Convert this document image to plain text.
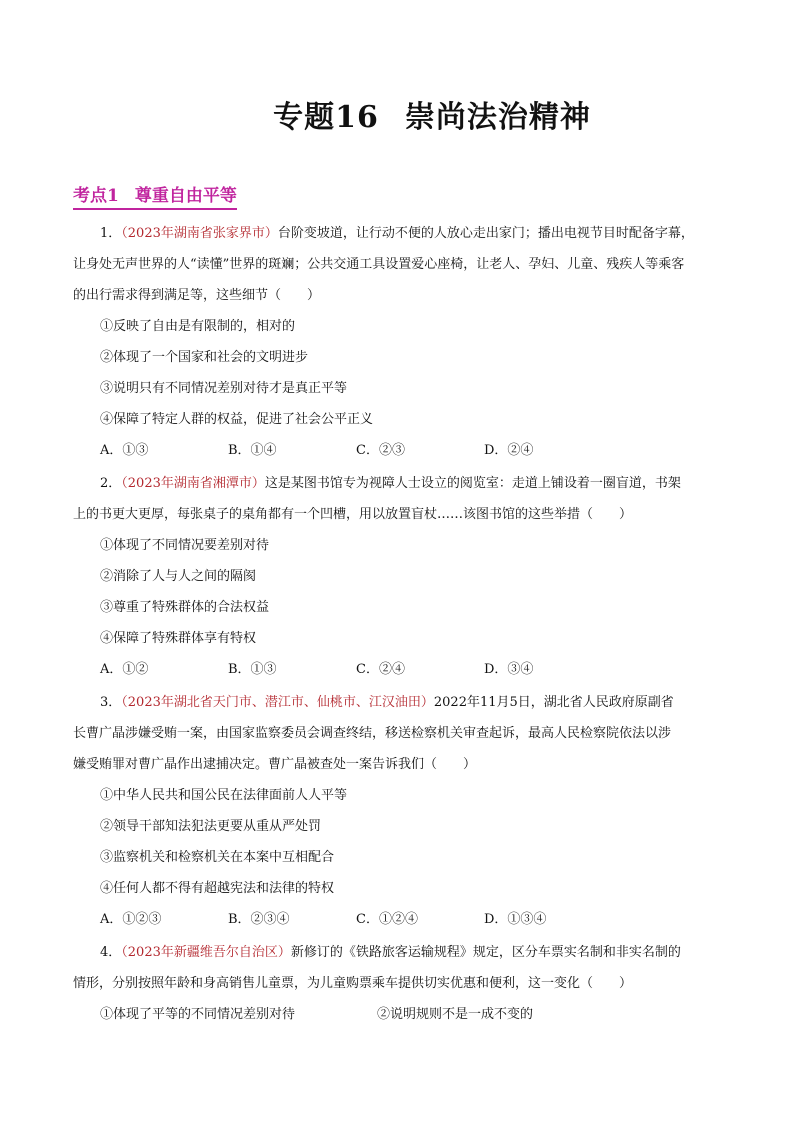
专题16 崇尚法治精神
考点1 尊重自由平等
1．（2023年湖南省张家界市）台阶变坡道，让行动不便的人放心走出家门；播出电视节目时配备字幕，
让身处无声世界的人“读懂”世界的斑斓；公共交通工具设置爱心座椅，让老人、孕妇、儿童、残疾人等乘客
的出行需求得到满足等，这些细节（　　）
①反映了自由是有限制的，相对的
②体现了一个国家和社会的文明进步
③说明只有不同情况差别对待才是真正平等
④保障了特定人群的权益，促进了社会公平正义
A．①③	B．①④	C．②③	D．②④
2．（2023年湖南省湘潭市）这是某图书馆专为视障人士设立的阅览室：走道上铺设着一圈盲道，书架
上的书更大更厚，每张桌子的桌角都有一个凹槽，用以放置盲杖……该图书馆的这些举措（　　）
①体现了不同情况要差别对待
②消除了人与人之间的隔阂
③尊重了特殊群体的合法权益
④保障了特殊群体享有特权
A．①②	B．①③	C．②④	D．③④
3．（2023年湖北省天门市、潜江市、仙桃市、江汉油田）2022年11月5日，湖北省人民政府原副省
长曹广晶涉嫌受贿一案，由国家监察委员会调查终结，移送检察机关审查起诉，最高人民检察院依法以涉
嫌受贿罪对曹广晶作出逮捕决定。曹广晶被查处一案告诉我们（　　）
①中华人民共和国公民在法律面前人人平等
②领导干部知法犯法更要从重从严处罚
③监察机关和检察机关在本案中互相配合
④任何人都不得有超越宪法和法律的特权
A．①②③	B．②③④	C．①②④	D．①③④
4．（2023年新疆维吾尔自治区）新修订的《铁路旅客运输规程》规定，区分车票实名制和非实名制的
情形，分别按照年龄和身高销售儿童票，为儿童购票乘车提供切实优惠和便利，这一变化（　　）
①体现了平等的不同情况差别对待	②说明规则不是一成不变的
